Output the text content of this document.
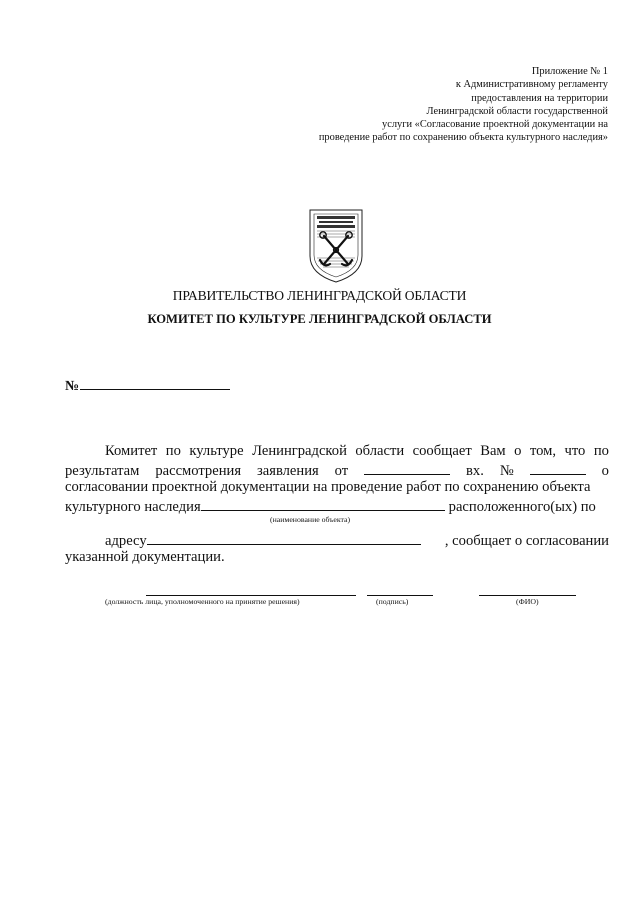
Приложение № 1
к Административному регламенту
предоставления на территории
Ленинградской области государственной
услуги «Согласование проектной документации на
проведение работ по сохранению объекта культурного наследия»
ПРАВИТЕЛЬСТВО ЛЕНИНГРАДСКОЙ ОБЛАСТИ
КОМИТЕТ ПО КУЛЬТУРЕ ЛЕНИНГРАДСКОЙ ОБЛАСТИ
№
Комитет по культуре Ленинградской области сообщает Вам о том, что по
результатам рассмотрения заявления от	вх. №	о
согласовании проектной документации на проведение работ по сохранению объекта
культурного наследия	расположенного(ых) по
(наименование объекта)
адресу	, сообщает о согласовании
указанной документации.
(должность лица, уполномоченного на принятие решения)	(подпись)	(ФИО)
